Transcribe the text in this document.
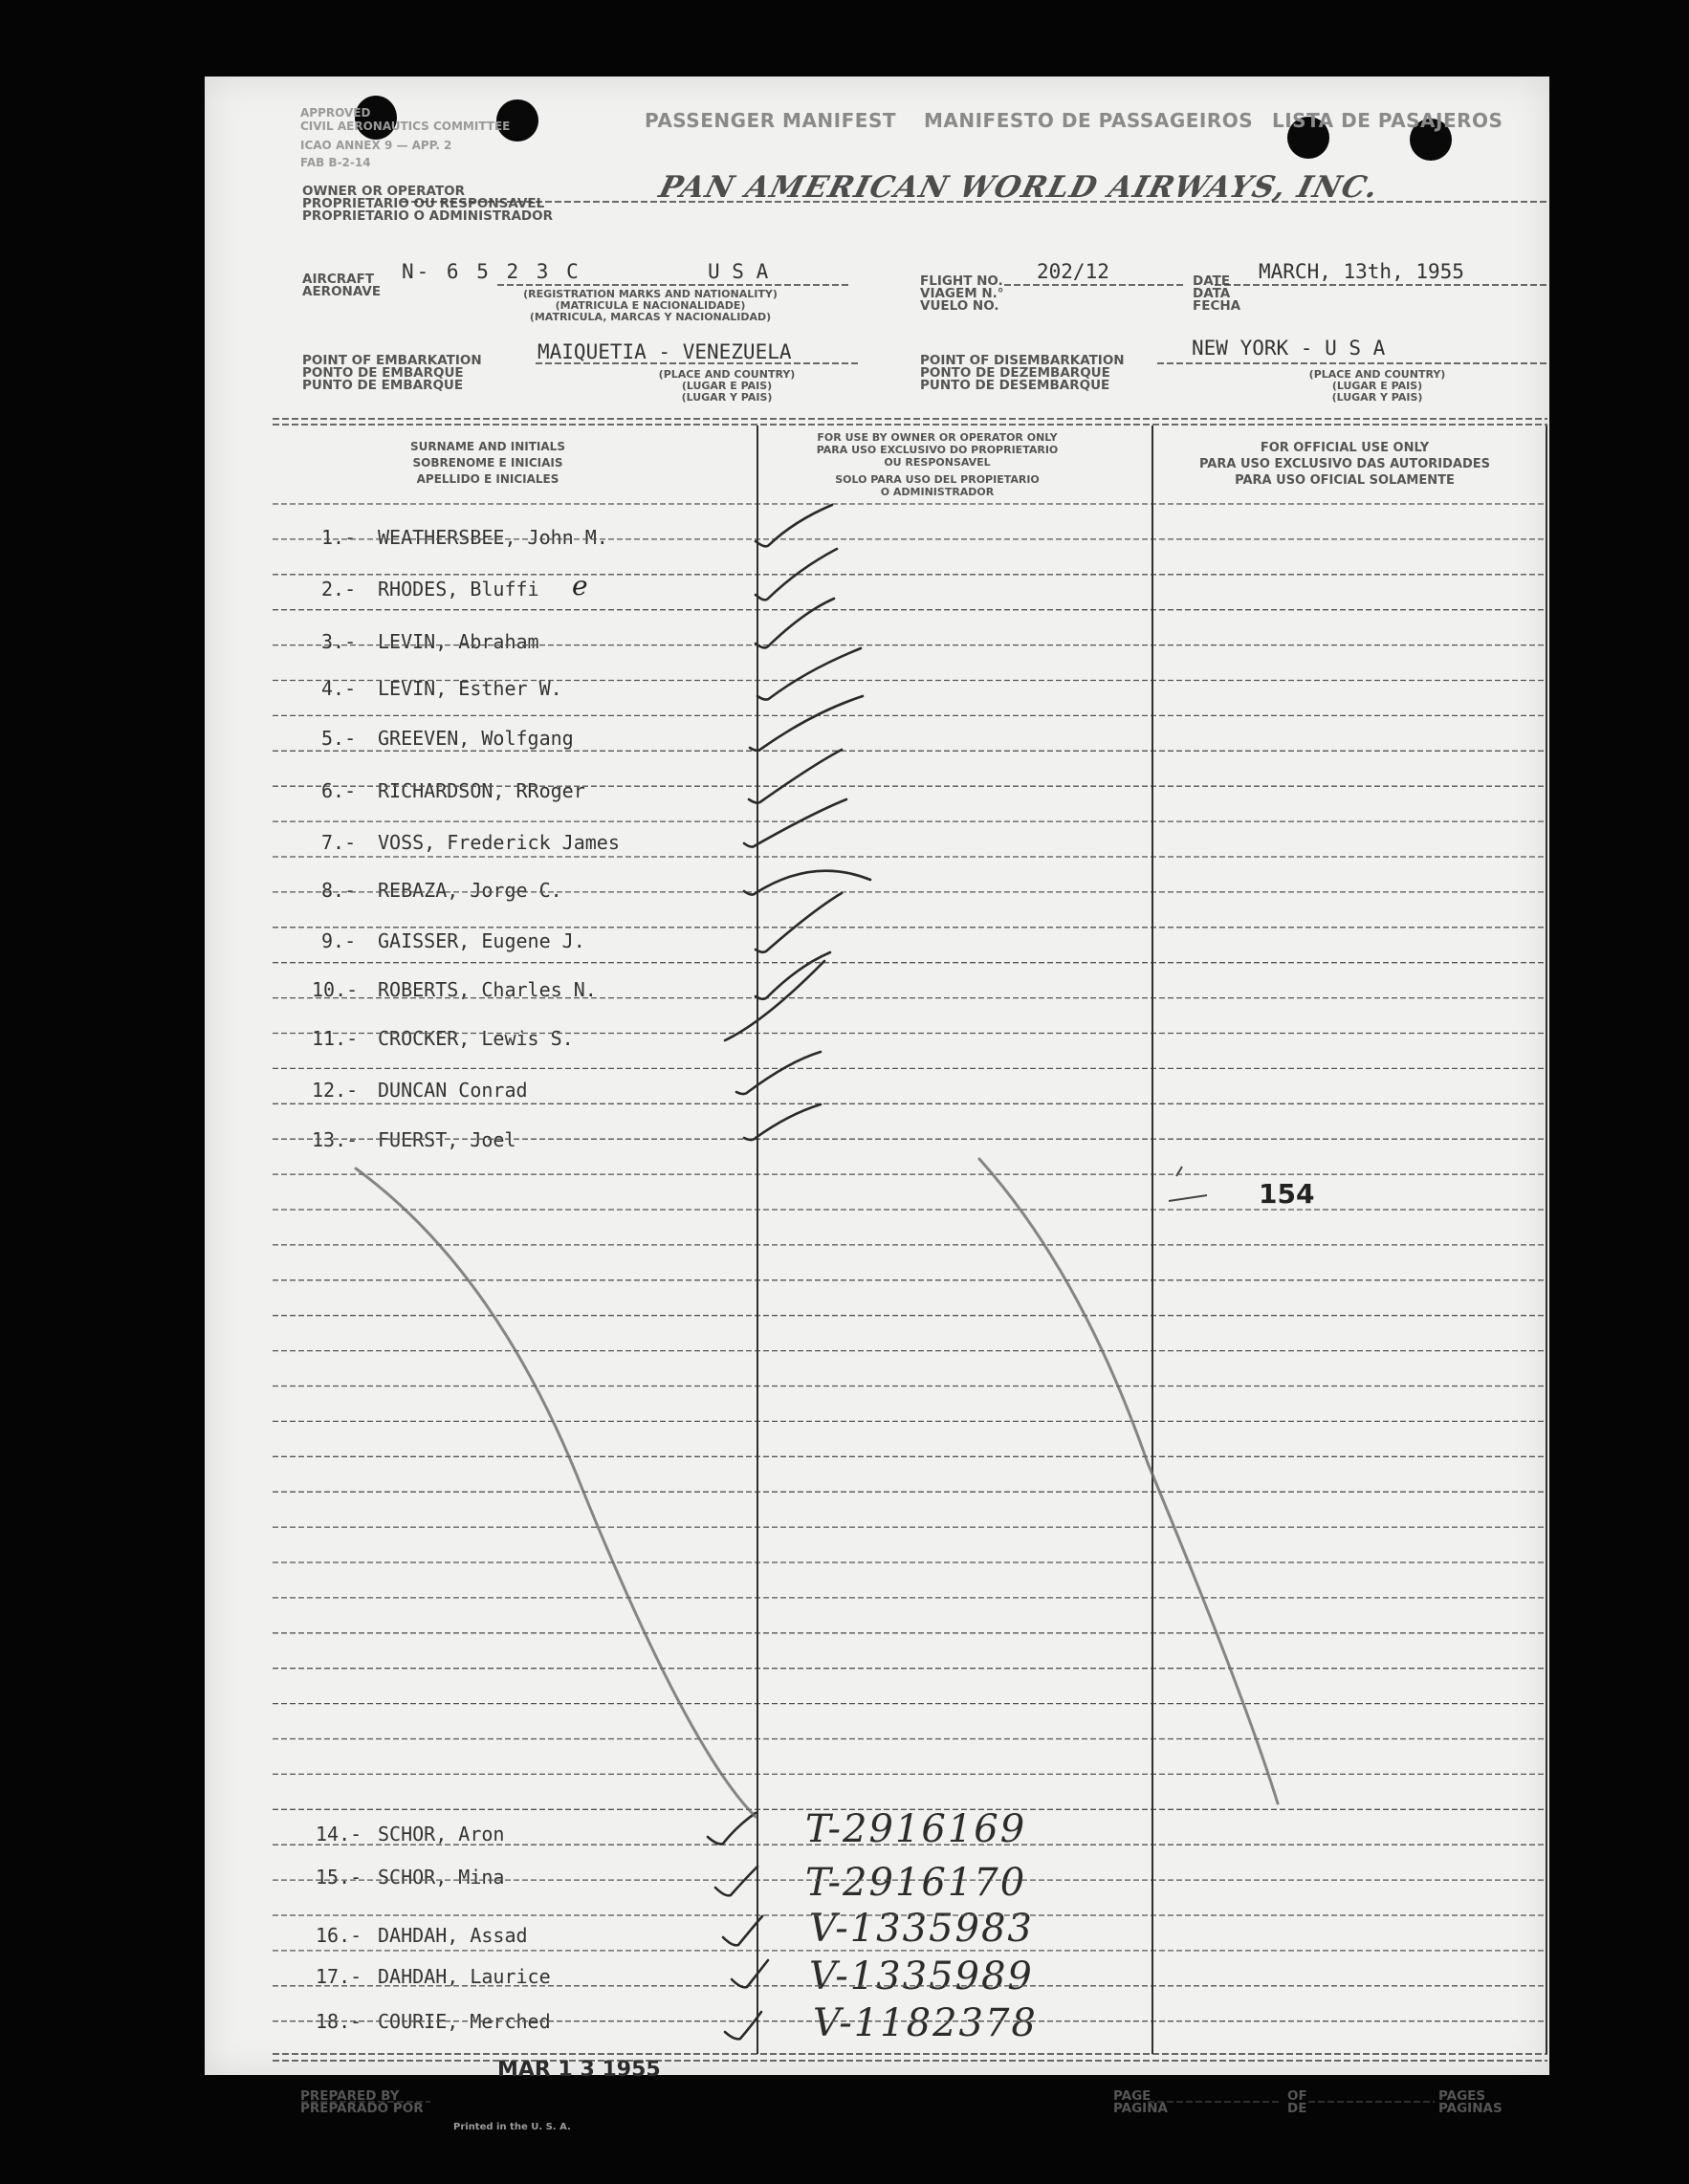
APPROVED
CIVIL AERONAUTICS COMMITTEE
ICAO ANNEX 9 — APP. 2
FAB B-2-14
PASSENGER MANIFEST MANIFESTO DE PASSAGEIROS LISTA DE PASAJEROS
OWNER OR OPERATOR
PROPRIETARIO OU RESPONSAVEL
PROPRIETARIO O ADMINISTRADOR
PAN AMERICAN WORLD AIRWAYS, INC.
AIRCRAFT
AERONAVE
N- 6 5 2 3 C	U S A
(REGISTRATION MARKS AND NATIONALITY)
(MATRICULA E NACIONALIDADE)
(MATRICULA, MARCAS Y NACIONALIDAD)
FLIGHT NO.
VIAGEM N.°
VUELO NO.
202/12	DATE
DATA
FECHA
MARCH, 13th, 1955
POINT OF EMBARKATION
PONTO DE EMBARQUE
PUNTO DE EMBARQUE
MAIQUETIA - VENEZUELA
(PLACE AND COUNTRY)
(LUGAR E PAIS)
(LUGAR Y PAIS)
POINT OF DISEMBARKATION
PONTO DE DEZEMBARQUE
PUNTO DE DESEMBARQUE
NEW YORK - U S A
(PLACE AND COUNTRY)
(LUGAR E PAIS)
(LUGAR Y PAIS)
SURNAME AND INITIALS
SOBRENOME E INICIAIS
APELLIDO E INICIALES
FOR USE BY OWNER OR OPERATOR ONLY
PARA USO EXCLUSIVO DO PROPRIETARIO
OU RESPONSAVEL
SOLO PARA USO DEL PROPIETARIO
O ADMINISTRADOR
FOR OFFICIAL USE ONLY
PARA USO EXCLUSIVO DAS AUTORIDADES
PARA USO OFICIAL SOLAMENTE
1.- WEATHERSBEE, John M.
2.- RHODES, Bluffi e
3.- LEVIN, Abraham
4.- LEVIN, Esther W.
5.- GREEVEN, Wolfgang
6.- RICHARDSON, RRoger
7.- VOSS, Frederick James
8.- REBAZA, Jorge C.
9.- GAISSER, Eugene J.
10.- ROBERTS, Charles N.
11.- CROCKER, Lewis S.
12.- DUNCAN Conrad
13.- FUERST, Joel
154
14.- SCHOR, Aron	T-2916169
15.- SCHOR, Mina	T-2916170
16.- DAHDAH, Assad	V-1335983
17.- DAHDAH, Laurice	V-1335989
18.- COURIE, Merched	V-1182378
MAR 1 3 1955
PREPARED BY
PREPARADO POR
Printed in the U. S. A.
PAGE
PAGINA
OF
DE
PAGES
PAGINAS
